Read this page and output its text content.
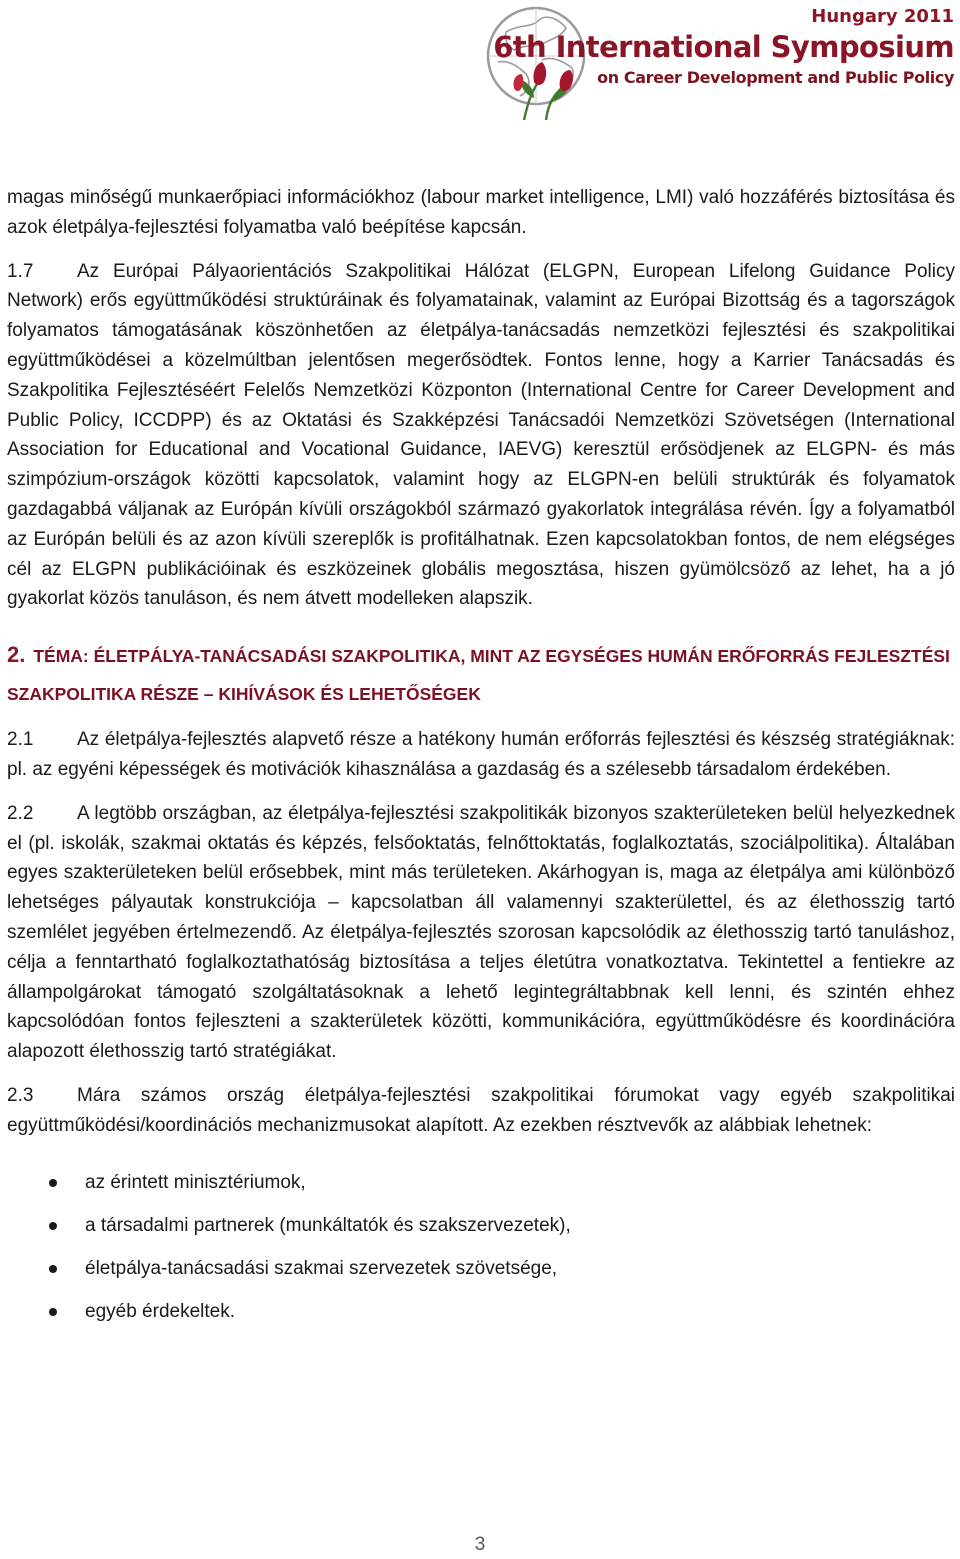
Hungary 2011
6th International Symposium
on Career Development and Public Policy

magas minőségű munkaerőpiaci információkhoz (labour market intelligence, LMI) való hozzáférés biztosítása és azok életpálya-fejlesztési folyamatba való beépítése kapcsán.

1.7 Az Európai Pályaorientációs Szakpolitikai Hálózat (ELGPN, European Lifelong Guidance Policy Network) erős együttműködési struktúráinak és folyamatainak, valamint az Európai Bizottság és a tagországok folyamatos támogatásának köszönhetően az életpálya-tanácsadás nemzetközi fejlesztési és szakpolitikai együttműködései a közelmúltban jelentősen megerősödtek. Fontos lenne, hogy a Karrier Tanácsadás és Szakpolitika Fejlesztéséért Felelős Nemzetközi Központon (International Centre for Career Development and Public Policy, ICCDPP) és az Oktatási és Szakképzési Tanácsadói Nemzetközi Szövetségen (International Association for Educational and Vocational Guidance, IAEVG) keresztül erősödjenek az ELGPN- és más szimpózium-országok közötti kapcsolatok, valamint hogy az ELGPN-en belüli struktúrák és folyamatok gazdagabbá váljanak az Európán kívüli országokból származó gyakorlatok integrálása révén. Így a folyamatból az Európán belüli és az azon kívüli szereplők is profitálhatnak. Ezen kapcsolatokban fontos, de nem elégséges cél az ELGPN publikációinak és eszközeinek globális megosztása, hiszen gyümölcsöző az lehet, ha a jó gyakorlat közös tanuláson, és nem átvett modelleken alapszik.

2. TÉMA: ÉLETPÁLYA-TANÁCSADÁSI SZAKPOLITIKA, MINT AZ EGYSÉGES HUMÁN ERŐFORRÁS FEJLESZTÉSI SZAKPOLITIKA RÉSZE – KIHÍVÁSOK ÉS LEHETŐSÉGEK

2.1 Az életpálya-fejlesztés alapvető része a hatékony humán erőforrás fejlesztési és készség stratégiáknak: pl. az egyéni képességek és motivációk kihasználása a gazdaság és a szélesebb társadalom érdekében.

2.2 A legtöbb országban, az életpálya-fejlesztési szakpolitikák bizonyos szakterületeken belül helyezkednek el (pl. iskolák, szakmai oktatás és képzés, felsőoktatás, felnőttoktatás, foglalkoztatás, szociálpolitika). Általában egyes szakterületeken belül erősebbek, mint más területeken. Akárhogyan is, maga az életpálya ami különböző lehetséges pályautak konstrukciója – kapcsolatban áll valamennyi szakterülettel, és az élethosszig tartó szemlélet jegyében értelmezendő. Az életpálya-fejlesztés szorosan kapcsolódik az élethosszig tartó tanuláshoz, célja a fenntartható foglalkoztathatóság biztosítása a teljes életútra vonatkoztatva. Tekintettel a fentiekre az állampolgárokat támogató szolgáltatásoknak a lehető legintegráltabbnak kell lenni, és szintén ehhez kapcsolódóan fontos fejleszteni a szakterületek közötti, kommunikációra, együttműködésre és koordinációra alapozott élethosszig tartó stratégiákat.

2.3 Mára számos ország életpálya-fejlesztési szakpolitikai fórumokat vagy egyéb szakpolitikai együttműködési/koordinációs mechanizmusokat alapított. Az ezekben résztvevők az alábbiak lehetnek:

az érintett minisztériumok,
a társadalmi partnerek (munkáltatók és szakszervezetek),
életpálya-tanácsadási szakmai szervezetek szövetsége,
egyéb érdekeltek.
3
